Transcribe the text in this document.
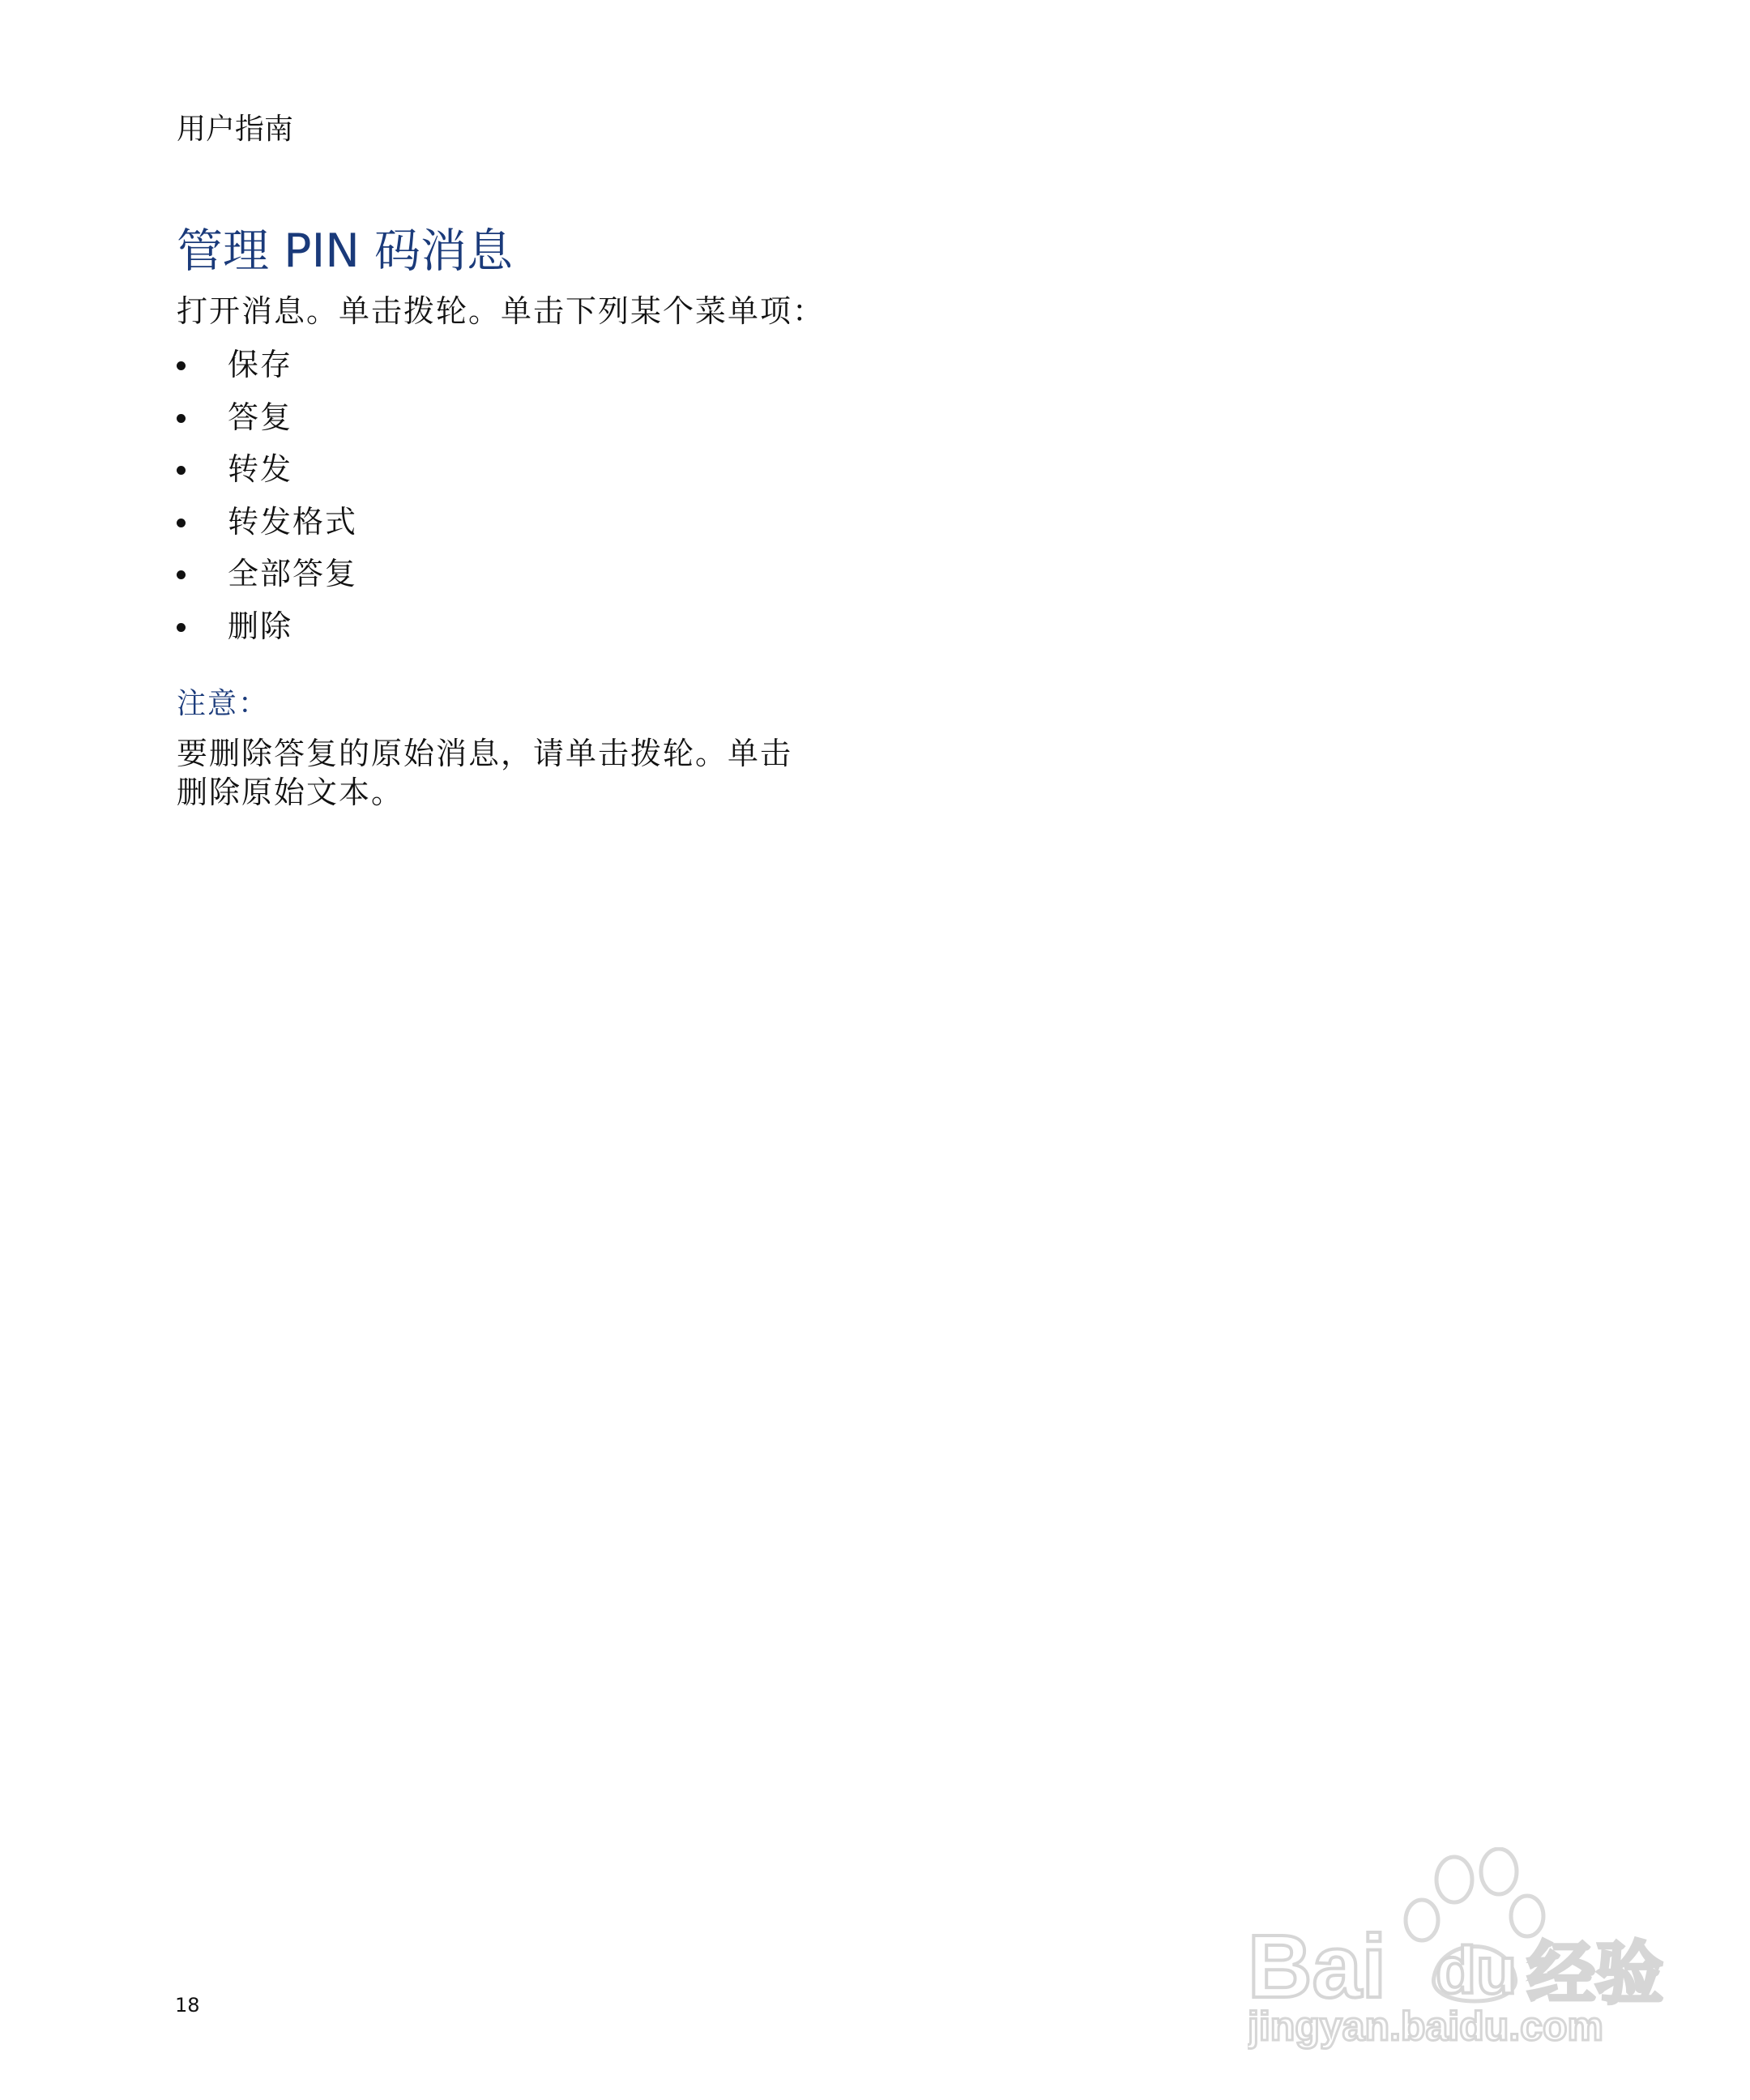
用户指南
管理 PIN 码消息
打开消息。单击拨轮。单击下列某个菜单项：
保存
答复
转发
转发格式
全部答复
删除
注意：
要删除答复的原始消息，请单击拨轮。单击
删除原始文本。
18	Bai du 经验
jingyan.baidu.com
